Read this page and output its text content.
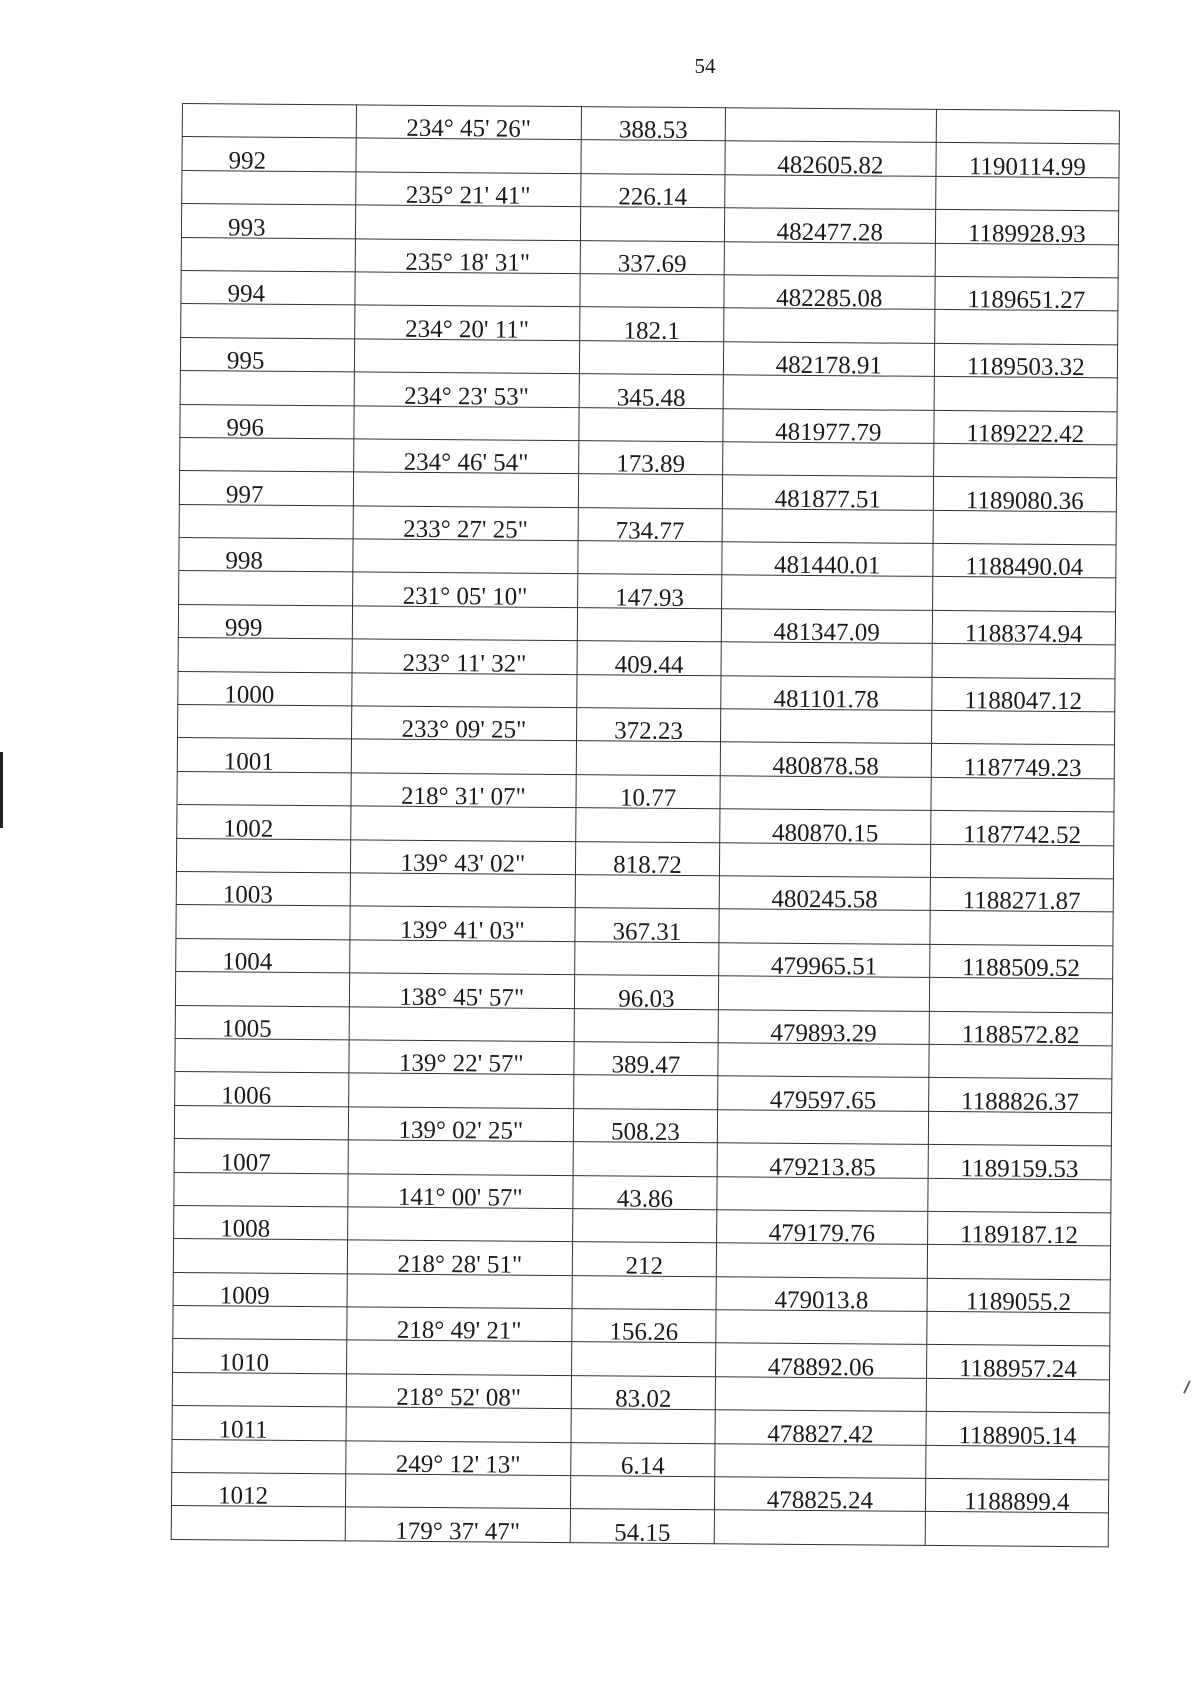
54
	234° 45' 26"	388.53		
992			482605.82	1190114.99
	235° 21' 41"	226.14		
993			482477.28	1189928.93
	235° 18' 31"	337.69		
994			482285.08	1189651.27
	234° 20' 11"	182.1		
995			482178.91	1189503.32
	234° 23' 53"	345.48		
996			481977.79	1189222.42
	234° 46' 54"	173.89		
997			481877.51	1189080.36
	233° 27' 25"	734.77		
998			481440.01	1188490.04
	231° 05' 10"	147.93		
999			481347.09	1188374.94
	233° 11' 32"	409.44		
1000			481101.78	1188047.12
	233° 09' 25"	372.23		
1001			480878.58	1187749.23
	218° 31' 07"	10.77		
1002			480870.15	1187742.52
	139° 43' 02"	818.72		
1003			480245.58	1188271.87
	139° 41' 03"	367.31		
1004			479965.51	1188509.52
	138° 45' 57"	96.03		
1005			479893.29	1188572.82
	139° 22' 57"	389.47		
1006			479597.65	1188826.37
	139° 02' 25"	508.23		
1007			479213.85	1189159.53
	141° 00' 57"	43.86		
1008			479179.76	1189187.12
	218° 28' 51"	212		
1009			479013.8	1189055.2
	218° 49' 21"	156.26		
1010			478892.06	1188957.24
	218° 52' 08"	83.02		
1011			478827.42	1188905.14
	249° 12' 13"	6.14		
1012			478825.24	1188899.4
	179° 37' 47"	54.15		
